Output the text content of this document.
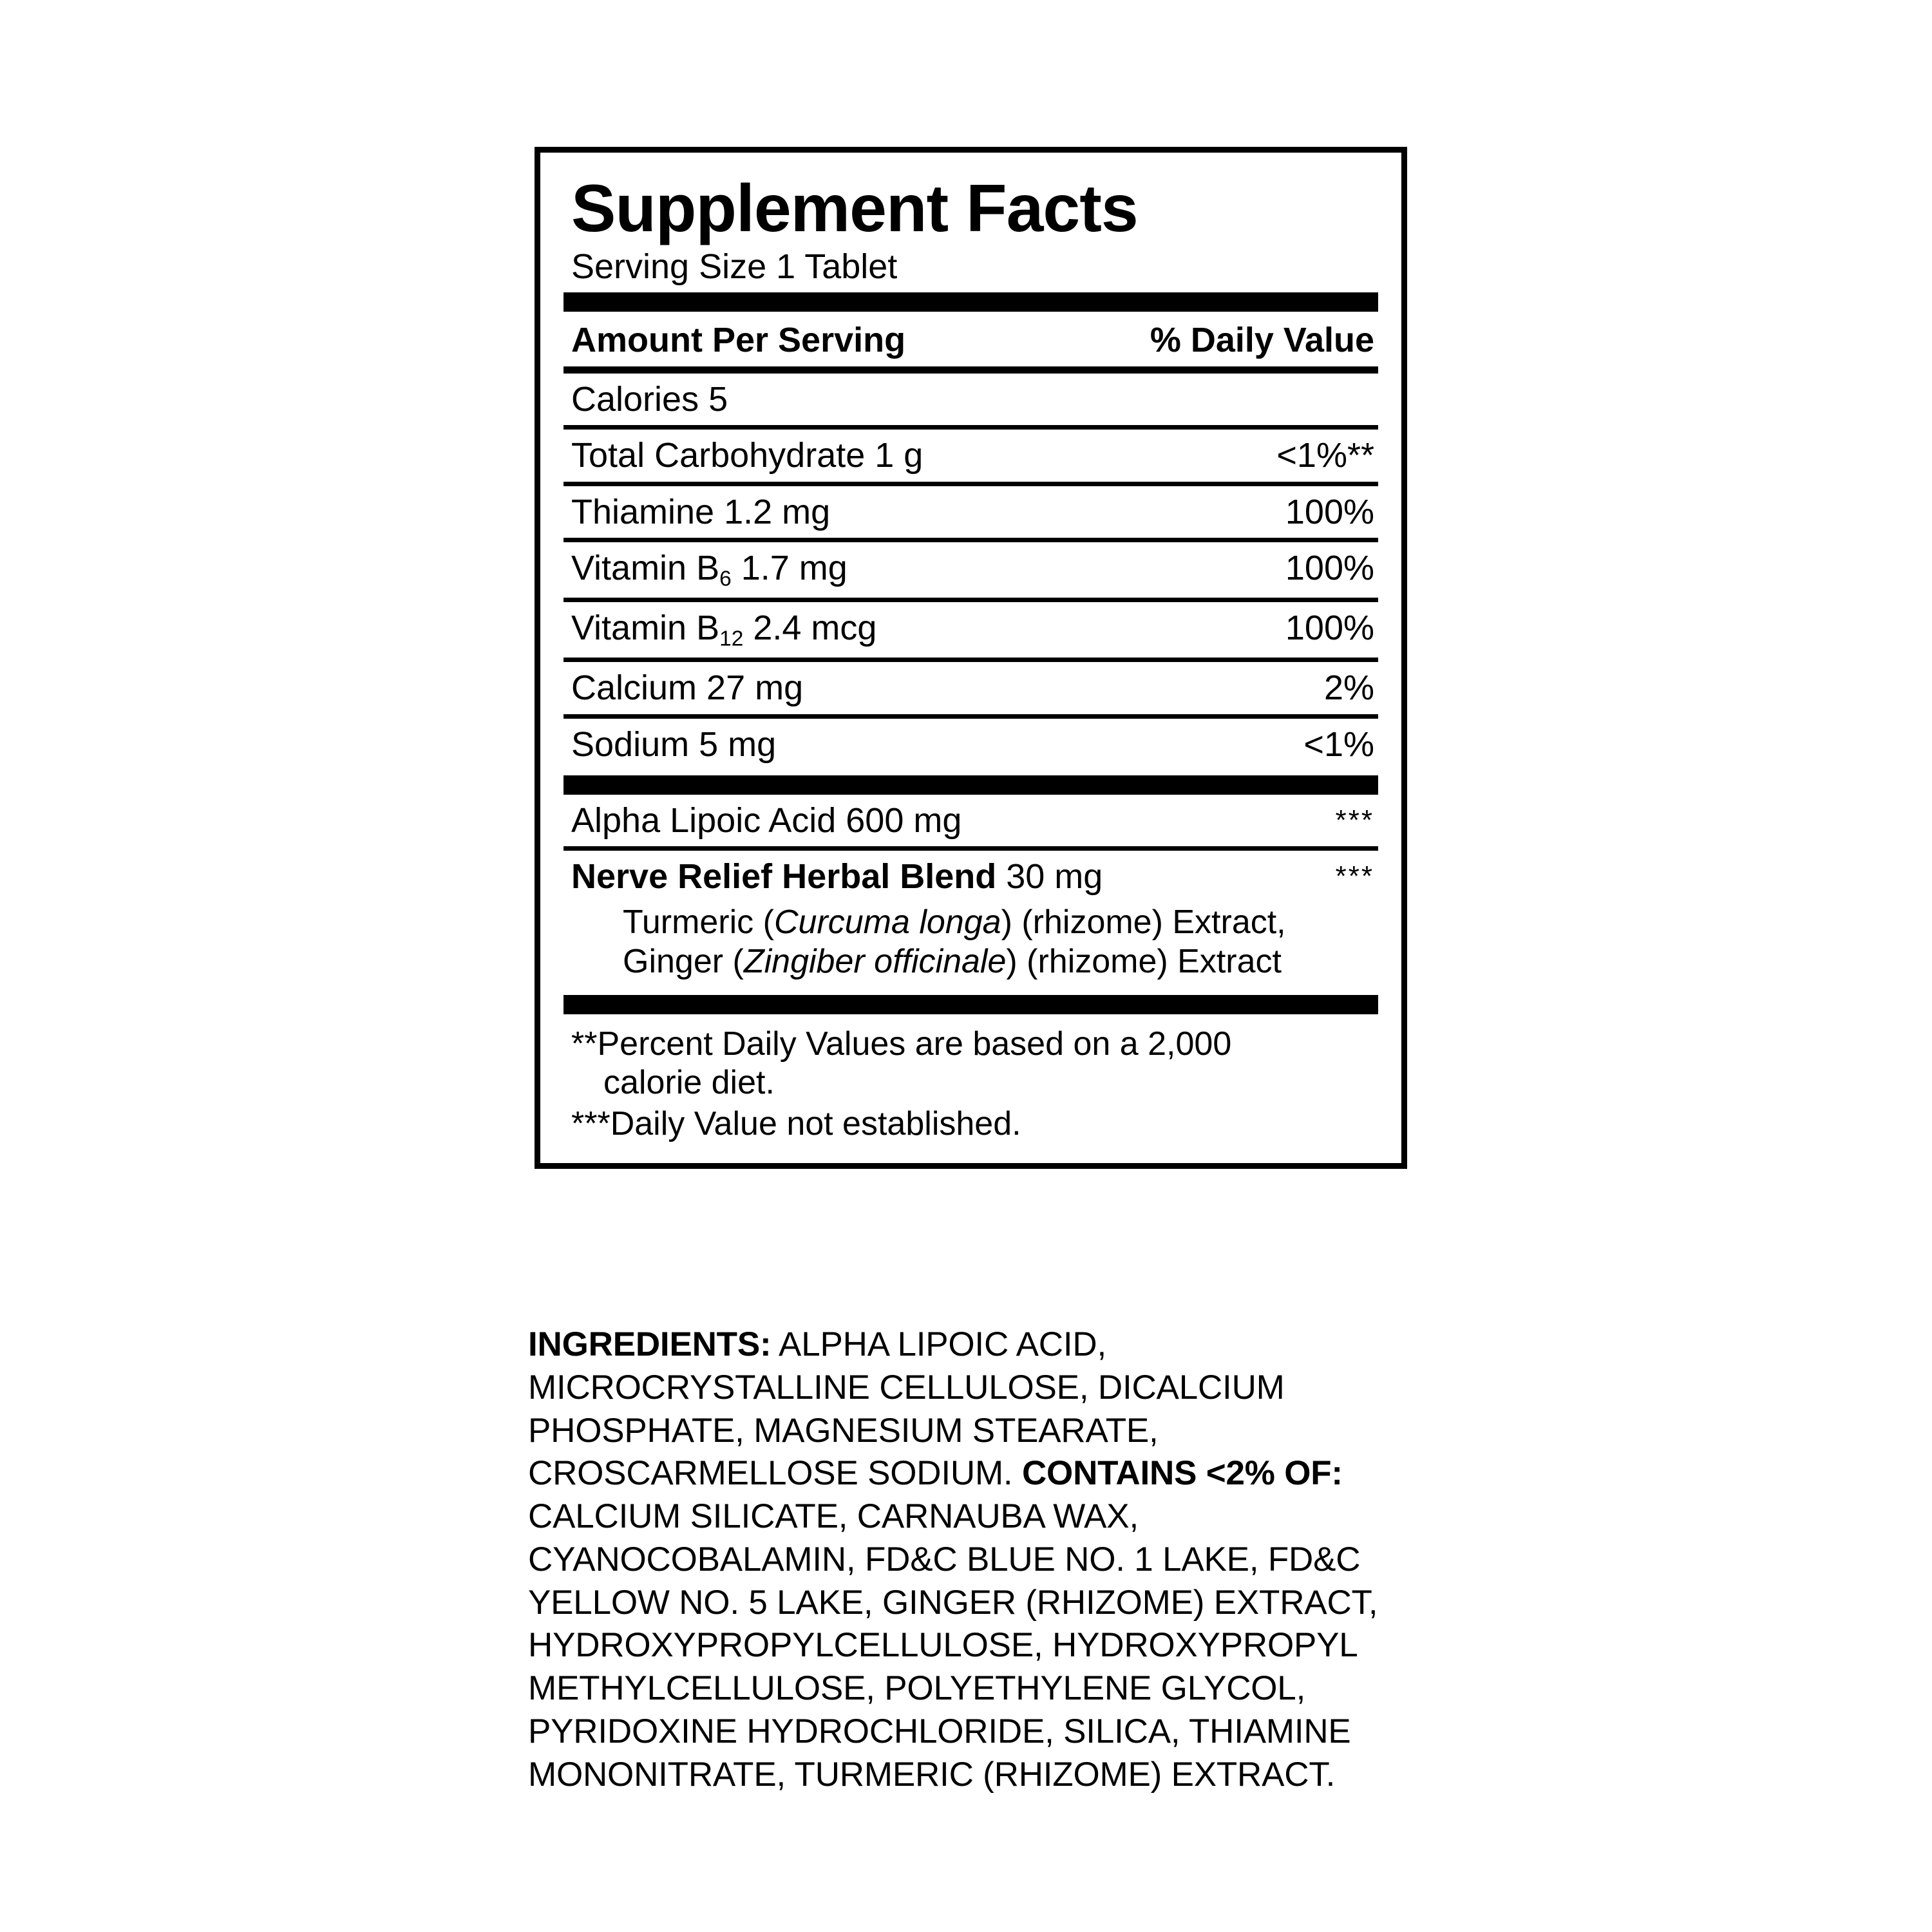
Supplement Facts
Serving Size 1 Tablet
Amount Per Serving	% Daily Value
Calories 5
Total Carbohydrate 1 g	<1%**
Thiamine 1.2 mg	100%
Vitamin $B_6$ 1.7 mg	100%
Vitamin $B_{12}$ 2.4 mcg	100%
Calcium 27 mg	2%
Sodium 5 mg	<1%
Alpha Lipoic Acid 600 mg	***
Nerve Relief Herbal Blend 30 mg	***
Turmeric (Curcuma longa) (rhizome) Extract,
Ginger (Zingiber officinale) (rhizome) Extract
**Percent Daily Values are based on a 2,000
calorie diet.
***Daily Value not established.
INGREDIENTS: ALPHA LIPOIC ACID, MICROCRYSTALLINE CELLULOSE, DICALCIUM PHOSPHATE, MAGNESIUM STEARATE, CROSCARMELLOSE SODIUM. CONTAINS <2% OF: CALCIUM SILICATE, CARNAUBA WAX, CYANOCOBALAMIN, FD&C BLUE NO. 1 LAKE, FD&C YELLOW NO. 5 LAKE, GINGER (RHIZOME) EXTRACT, HYDROXYPROPYLCELLULOSE, HYDROXYPROPYL METHYLCELLULOSE, POLYETHYLENE GLYCOL, PYRIDOXINE HYDROCHLORIDE, SILICA, THIAMINE MONONITRATE, TURMERIC (RHIZOME) EXTRACT.
